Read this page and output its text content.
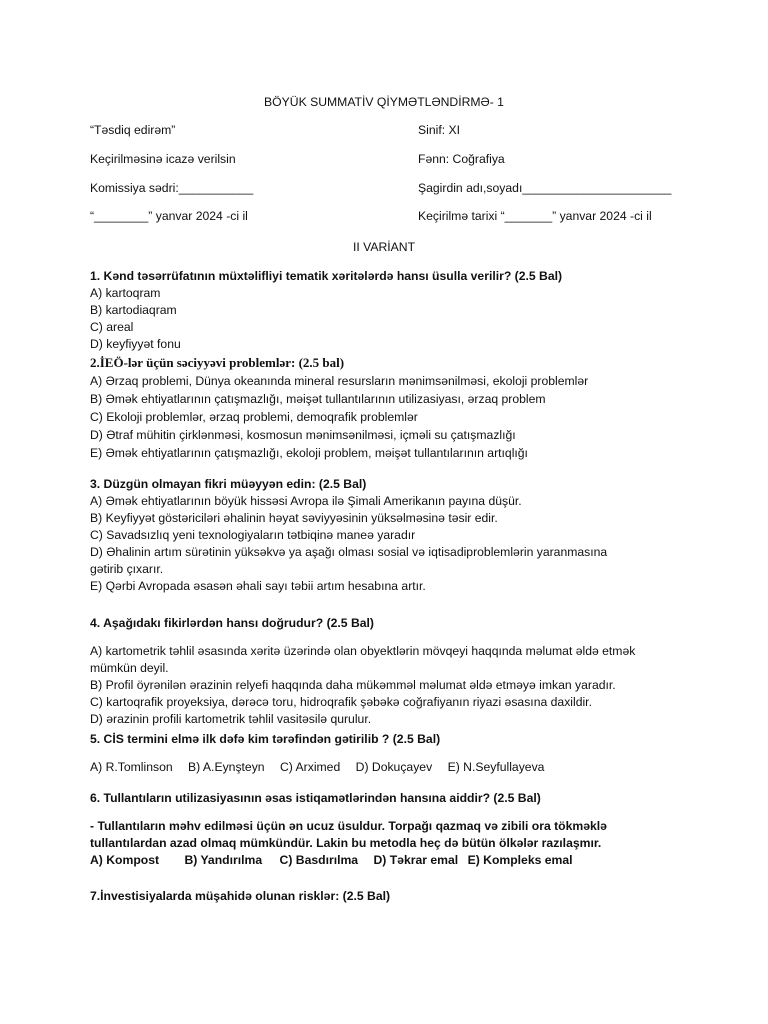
BÖYÜK SUMMATİV QİYMƏTLƏNDİRMƏ- 1
“Təsdiq edirəm”
Keçirilməsinə icazə verilsin
Komissiya sədri:___________
“________” yanvar 2024 -ci il
Sinif: XI
Fənn: Coğrafiya
Şagirdin adı,soyadı______________________
Keçirilmə tarixi “_______” yanvar 2024 -ci il
II VARİANT
1. Kənd təsərrüfatının müxtəlifliyi tematik xəritələrdə hansı üsulla verilir? (2.5 Bal)
A) kartoqram
B) kartodiaqram
C) areal
D) keyfiyyət fonu
2.İEÖ-lər üçün səciyyəvi problemlər: (2.5 bal)
A) Ərzaq problemi, Dünya okeanında mineral resursların mənimsənilməsi, ekoloji problemlər
B) Əmək ehtiyatlarının çatışmazlığı, məişət tullantılarının utilizasiyası, ərzaq problem
C) Ekoloji problemlər, ərzaq problemi, demoqrafik problemlər
D) Ətraf mühitin çirklənməsi, kosmosun mənimsənilməsi, içməli su çatışmazlığı
E) Əmək ehtiyatlarının çatışmazlığı, ekoloji problem, məişət tullantılarının artıqlığı
3. Düzgün olmayan fikri müəyyən edin: (2.5 Bal)
A) Əmək ehtiyatlarının böyük hissəsi Avropa ilə Şimali Amerikanın payına düşür.
B) Keyfiyyət göstəriciləri əhalinin həyat səviyyəsinin yüksəlməsinə təsir edir.
C) Savadsızlıq yeni texnologiyaların tətbiqinə maneə yaradır
D) Əhalinin artım sürətinin yüksəkvə ya aşağı olması sosial və iqtisadiproblemlərin yaranmasına
gətirib çıxarır.
E) Qərbi Avropada əsasən əhali sayı təbii artım hesabına artır.
4. Aşağıdakı fikirlərdən hansı doğrudur? (2.5 Bal)
A) kartometrik təhlil əsasında xəritə üzərində olan obyektlərin mövqeyi haqqında məlumat əldə etmək
mümkün deyil.
B) Profil öyrənilən ərazinin relyefi haqqında daha mükəmməl məlumat əldə etməyə imkan yaradır.
C) kartoqrafik proyeksiya, dərəcə toru, hidroqrafik şəbəkə coğrafiyanın riyazi əsasına daxildir.
D) ərazinin profili kartometrik təhlil vasitəsilə qurulur.
5. CİS termini elmə ilk dəfə kim tərəfindən gətirilib ? (2.5 Bal)
A) R.Tomlinson B) A.Eynşteyn C) Arximed D) Dokuçayev E) N.Seyfullayeva
6. Tullantıların utilizasiyasının əsas istiqamətlərindən hansına aiddir? (2.5 Bal)
- Tullantıların məhv edilməsi üçün ən ucuz üsuldur. Torpağı qazmaq və zibili ora tökməklə
tullantılardan azad olmaq mümkündür. Lakin bu metodla heç də bütün ölkələr razılaşmır.
A) Kompost B) Yandırılma C) Basdırılma D) Təkrar emal E) Kompleks emal
7.İnvestisiyalarda müşahidə olunan risklər: (2.5 Bal)
